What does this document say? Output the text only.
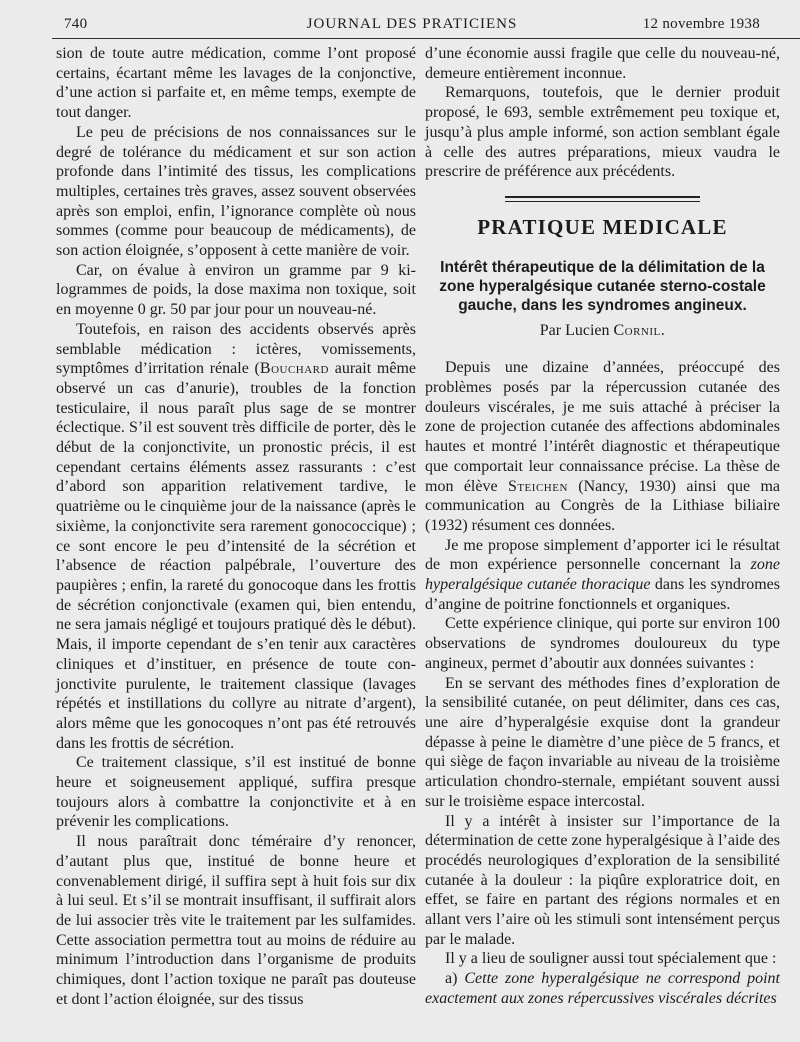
740	JOURNAL DES PRATICIENS	12 novembre 1938

sion de toute autre médication, comme l’ont proposé certains, écartant même les lavages de la conjonctive, d’une action si parfaite et, en même temps, exempte de tout danger.

Le peu de précisions de nos connaissances sur le degré de tolérance du médicament et sur son action profonde dans l’intimité des tissus, les complications multiples, certaines très graves, assez souvent observées après son emploi, enfin, l’ignorance complète où nous sommes (comme pour beaucoup de médicaments), de son action éloignée, s’opposent à cette manière de voir.

Car, on évalue à environ un gramme par 9 kilogrammes de poids, la dose maxima non toxique, soit en moyenne 0 gr. 50 par jour pour un nouveau-né.

Toutefois, en raison des accidents observés après semblable médication : ictères, vomissements, symptômes d’irritation rénale (Bouchard aurait même observé un cas d’anurie), troubles de la fonction testiculaire, il nous paraît plus sage de se montrer éclectique. S’il est souvent très difficile de porter, dès le début de la conjonctivite, un pronostic précis, il est cependant certains éléments assez rassurants : c’est d’abord son apparition relativement tardive, le quatrième ou le cinquième jour de la naissance (après le sixième, la conjonctivite sera rarement gonococcique) ; ce sont encore le peu d’intensité de la sécrétion et l’absence de réaction palpébrale, l’ouverture des paupières ; enfin, la rareté du gonocoque dans les frottis de sécrétion conjonctivale (examen qui, bien entendu, ne sera jamais négligé et toujours pratiqué dès le début). Mais, il importe cependant de s’en tenir aux caractères cliniques et d’instituer, en présence de toute conjonctivite purulente, le traitement classique (lavages répétés et instillations du collyre au nitrate d’argent), alors même que les gonocoques n’ont pas été retrouvés dans les frottis de sécrétion.

Ce traitement classique, s’il est institué de bonne heure et soigneusement appliqué, suffira presque toujours alors à combattre la conjonctivite et à en prévenir les complications.

Il nous paraîtrait donc téméraire d’y renoncer, d’autant plus que, institué de bonne heure et convenablement dirigé, il suffira sept à huit fois sur dix à lui seul. Et s’il se montrait insuffisant, il suffirait alors de lui associer très vite le traitement par les sulfamides. Cette association permettra tout au moins de réduire au minimum l’introduction dans l’organisme de produits chimiques, dont l’action toxique ne paraît pas douteuse et dont l’action éloignée, sur des tissus

d’une économie aussi fragile que celle du nouveau-né, demeure entièrement inconnue.

Remarquons, toutefois, que le dernier produit proposé, le 693, semble extrêmement peu toxique et, jusqu’à plus ample informé, son action semblant égale à celle des autres préparations, mieux vaudra le prescrire de préférence aux précédents.

PRATIQUE MEDICALE
Intérêt thérapeutique de la délimitation de la zone hyperalgésique cutanée sterno-costale gauche, dans les syndromes angineux.
Par Lucien Cornil.

Depuis une dizaine d’années, préoccupé des problèmes posés par la répercussion cutanée des douleurs viscérales, je me suis attaché à préciser la zone de projection cutanée des affections abdominales hautes et montré l’intérêt diagnostic et thérapeutique que comportait leur connaissance précise. La thèse de mon élève Steichen (Nancy, 1930) ainsi que ma communication au Congrès de la Lithiase biliaire (1932) résument ces données.

Je me propose simplement d’apporter ici le résultat de mon expérience personnelle concernant la zone hyperalgésique cutanée thoracique dans les syndromes d’angine de poitrine fonctionnels et organiques.

Cette expérience clinique, qui porte sur environ 100 observations de syndromes douloureux du type angineux, permet d’aboutir aux données suivantes :

En se servant des méthodes fines d’exploration de la sensibilité cutanée, on peut délimiter, dans ces cas, une aire d’hyperalgésie exquise dont la grandeur dépasse à peine le diamètre d’une pièce de 5 francs, et qui siège de façon invariable au niveau de la troisième articulation chondro-sternale, empiétant souvent aussi sur le troisième espace intercostal.

Il y a intérêt à insister sur l’importance de la détermination de cette zone hyperalgésique à l’aide des procédés neurologiques d’exploration de la sensibilité cutanée à la douleur : la piqûre exploratrice doit, en effet, se faire en partant des régions normales et en allant vers l’aire où les stimuli sont intensément perçus par le malade.

Il y a lieu de souligner aussi tout spécialement que :

a) Cette zone hyperalgésique ne correspond point exactement aux zones répercussives viscérales décrites
